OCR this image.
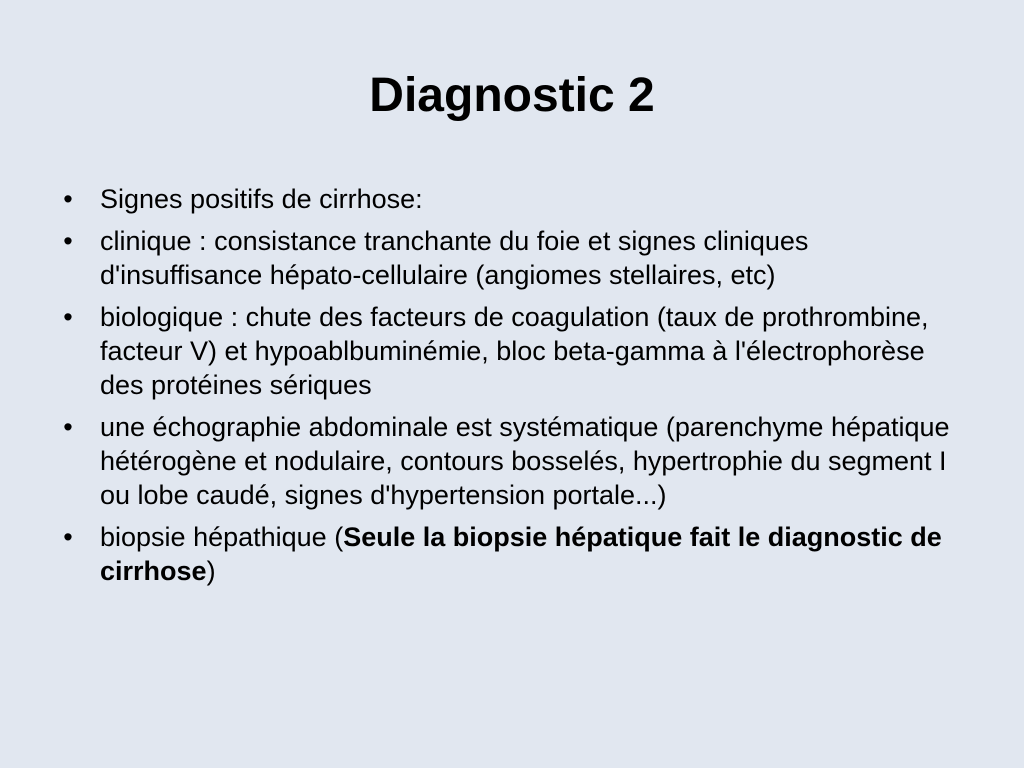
Diagnostic 2
• Signes positifs de cirrhose:
• clinique : consistance tranchante du foie et signes cliniques d'insuffisance hépato-cellulaire (angiomes stellaires, etc)
• biologique : chute des facteurs de coagulation (taux de prothrombine, facteur V) et hypoablbuminémie, bloc beta-gamma à l'électrophorèse des protéines sériques
• une échographie abdominale est systématique (parenchyme hépatique hétérogène et nodulaire, contours bosselés, hypertrophie du segment I ou lobe caudé, signes d'hypertension portale...)
• biopsie hépathique (Seule la biopsie hépatique fait le diagnostic de cirrhose)
